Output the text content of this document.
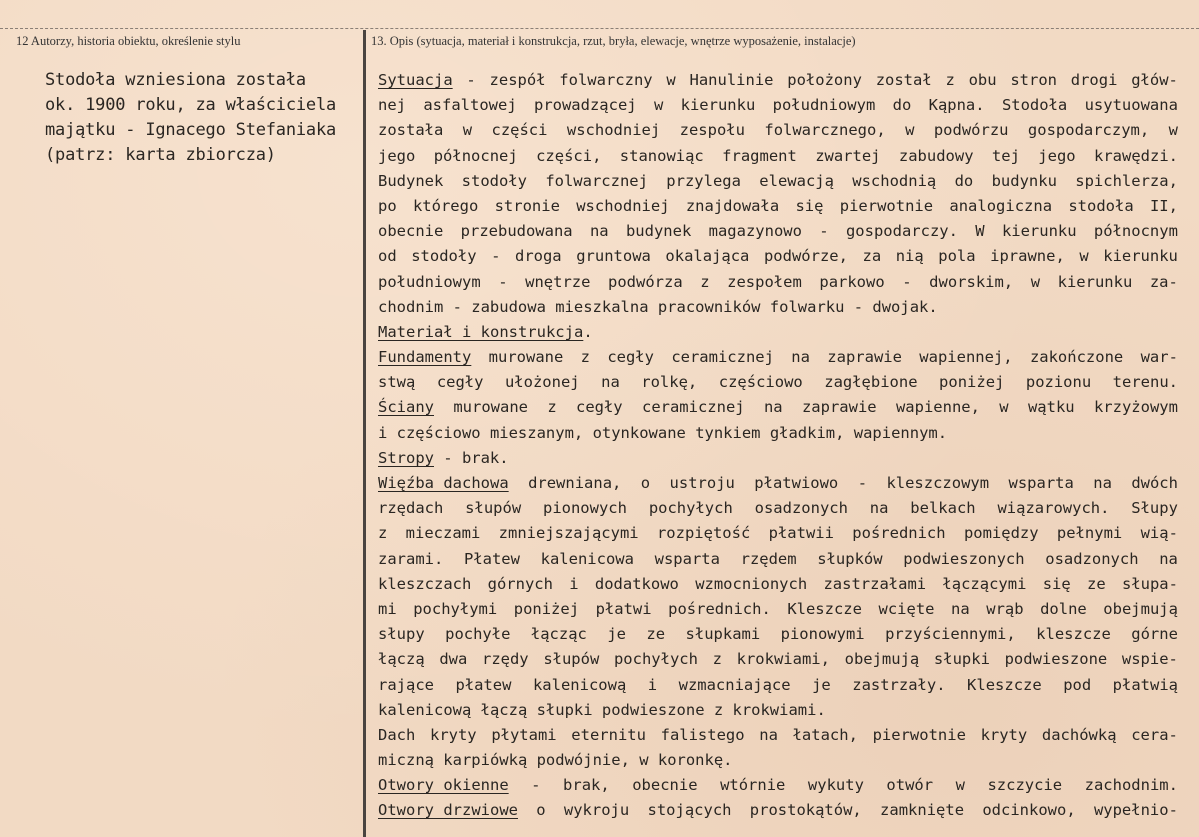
12 Autorzy, historia obiektu, określenie stylu	13. Opis (sytuacja, materiał i konstrukcja, rzut, bryła, elewacje, wnętrze wyposażenie, instalacje)
Stodoła wzniesiona została
ok. 1900 roku, za właściciela
majątku - Ignacego Stefaniaka
(patrz: karta zbiorcza)
Sytuacja - zespół folwarczny w Hanulinie położony został z obu stron drogi głów-
nej asfaltowej prowadzącej w kierunku południowym do Kąpna. Stodoła usytuowana
została w części wschodniej zespołu folwarcznego, w podwórzu gospodarczym, w
jego północnej części, stanowiąc fragment zwartej zabudowy tej jego krawędzi.
Budynek stodoły folwarcznej przylega elewacją wschodnią do budynku spichlerza,
po którego stronie wschodniej znajdowała się pierwotnie analogiczna stodoła II,
obecnie przebudowana na budynek magazynowo - gospodarczy. W kierunku północnym
od stodoły - droga gruntowa okalająca podwórze, za nią pola iprawne, w kierunku
południowym - wnętrze podwórza z zespołem parkowo - dworskim, w kierunku za-
chodnim - zabudowa mieszkalna pracowników folwarku - dwojak.
Materiał i konstrukcja.
Fundamenty murowane z cegły ceramicznej na zaprawie wapiennej, zakończone war-
stwą cegły ułożonej na rolkę, częściowo zagłębione poniżej pozionu terenu.
Ściany murowane z cegły ceramicznej na zaprawie wapienne, w wątku krzyżowym
i częściowo mieszanym, otynkowane tynkiem gładkim, wapiennym.
Stropy - brak.
Więźba dachowa drewniana, o ustroju płatwiowo - kleszczowym wsparta na dwóch
rzędach słupów pionowych pochyłych osadzonych na belkach wiązarowych. Słupy
z mieczami zmniejszającymi rozpiętość płatwii pośrednich pomiędzy pełnymi wią-
zarami. Płatew kalenicowa wsparta rzędem słupków podwieszonych osadzonych na
kleszczach górnych i dodatkowo wzmocnionych zastrzałami łączącymi się ze słupa-
mi pochyłymi poniżej płatwi pośrednich. Kleszcze wcięte na wrąb dolne obejmują
słupy pochyłe łącząc je ze słupkami pionowymi przyściennymi, kleszcze górne
łączą dwa rzędy słupów pochyłych z krokwiami, obejmują słupki podwieszone wspie-
rające płatew kalenicową i wzmacniające je zastrzały. Kleszcze pod płatwią
kalenicową łączą słupki podwieszone z krokwiami.
Dach kryty płytami eternitu falistego na łatach, pierwotnie kryty dachówką cera-
miczną karpiówką podwójnie, w koronkę.
Otwory okienne - brak, obecnie wtórnie wykuty otwór w szczycie zachodnim.
Otwory drzwiowe o wykroju stojących prostokątów, zamknięte odcinkowo, wypełnio-
